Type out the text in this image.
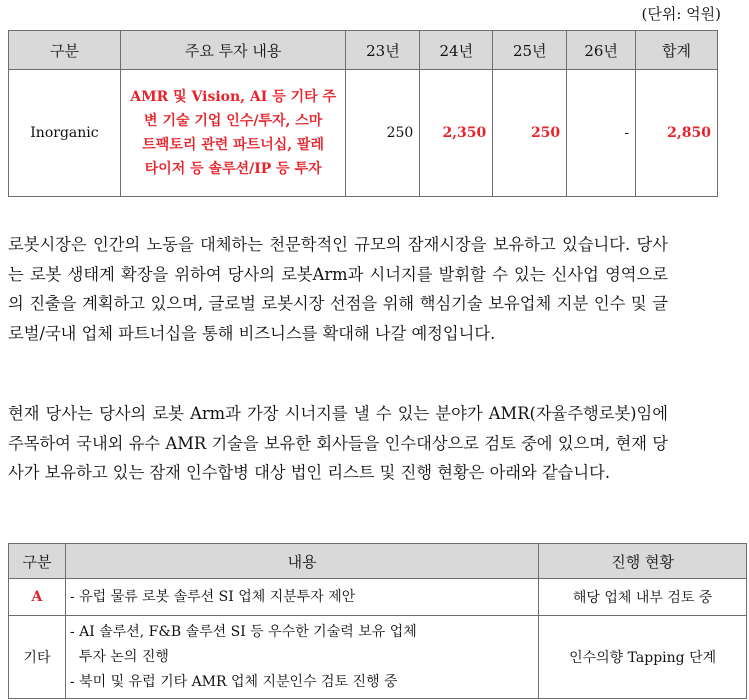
(단위: 억원)
구분	주요 투자 내용	23년	24년	25년	26년	합계
Inorganic	AMR 및 Vision, AI 등 기타 주
변 기술 기업 인수/투자, 스마
트팩토리 관련 파트너십, 팔레
타이저 등 솔루션/IP 등 투자	250	2,350	250	-	2,850

로봇시장은 인간의 노동을 대체하는 천문학적인 규모의 잠재시장을 보유하고 있습니다. 당사는 로봇 생태계 확장을 위하여 당사의 로봇Arm과 시너지를 발휘할 수 있는 신사업 영역으로의 진출을 계획하고 있으며, 글로벌 로봇시장 선점을 위해 핵심기술 보유업체 지분 인수 및 글로벌/국내 업체 파트너십을 통해 비즈니스를 확대해 나갈 예정입니다.

현재 당사는 당사의 로봇 Arm과 가장 시너지를 낼 수 있는 분야가 AMR(자율주행로봇)임에 주목하여 국내외 유수 AMR 기술을 보유한 회사들을 인수대상으로 검토 중에 있으며, 현재 당사가 보유하고 있는 잠재 인수합병 대상 법인 리스트 및 진행 현황은 아래와 같습니다.

구분	내용	진행 현황
A	- 유럽 물류 로봇 솔루션 SI 업체 지분투자 제안	해당 업체 내부 검토 중
기타	- AI 솔루션, F&B 솔루션 SI 등 우수한 기술력 보유 업체
투자 논의 진행
- 북미 및 유럽 기타 AMR 업체 지분인수 검토 진행 중	인수의향 Tapping 단계
